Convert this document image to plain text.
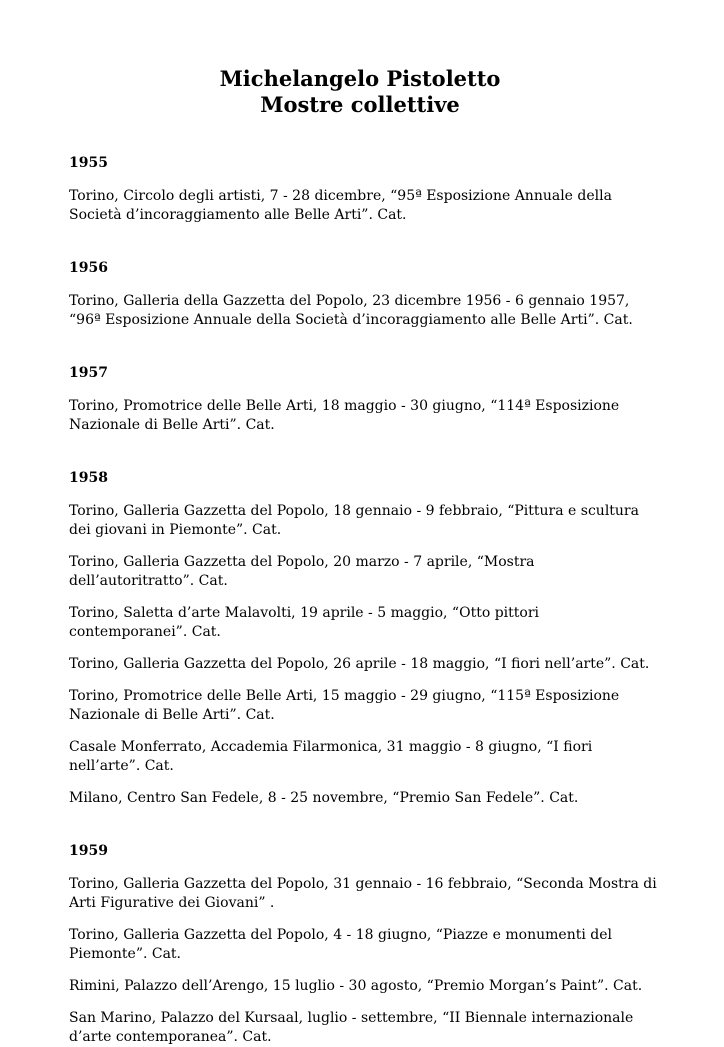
Michelangelo Pistoletto
Mostre collettive

1955

Torino, Circolo degli artisti, 7 - 28 dicembre, “95ª Esposizione Annuale della Società d’incoraggiamento alle Belle Arti”. Cat.

1956

Torino, Galleria della Gazzetta del Popolo, 23 dicembre 1956 - 6 gennaio 1957, “96ª Esposizione Annuale della Società d’incoraggiamento alle Belle Arti”. Cat.

1957

Torino, Promotrice delle Belle Arti, 18 maggio - 30 giugno, “114ª Esposizione Nazionale di Belle Arti”. Cat.

1958

Torino, Galleria Gazzetta del Popolo, 18 gennaio - 9 febbraio, “Pittura e scultura dei giovani in Piemonte”. Cat.

Torino, Galleria Gazzetta del Popolo, 20 marzo - 7 aprile, “Mostra dell’autoritratto”. Cat.

Torino, Saletta d’arte Malavolti, 19 aprile - 5 maggio, “Otto pittori contemporanei”. Cat.

Torino, Galleria Gazzetta del Popolo, 26 aprile - 18 maggio, “I fiori nell’arte”. Cat.

Torino, Promotrice delle Belle Arti, 15 maggio - 29 giugno, “115ª Esposizione Nazionale di Belle Arti”. Cat.

Casale Monferrato, Accademia Filarmonica, 31 maggio - 8 giugno, “I fiori nell’arte”. Cat.

Milano, Centro San Fedele, 8 - 25 novembre, “Premio San Fedele”. Cat.

1959

Torino, Galleria Gazzetta del Popolo, 31 gennaio - 16 febbraio, “Seconda Mostra di Arti Figurative dei Giovani” .

Torino, Galleria Gazzetta del Popolo, 4 - 18 giugno, “Piazze e monumenti del Piemonte”. Cat.

Rimini, Palazzo dell’Arengo, 15 luglio - 30 agosto, “Premio Morgan’s Paint”. Cat.

San Marino, Palazzo del Kursaal, luglio - settembre, “II Biennale internazionale d’arte contemporanea”. Cat.
